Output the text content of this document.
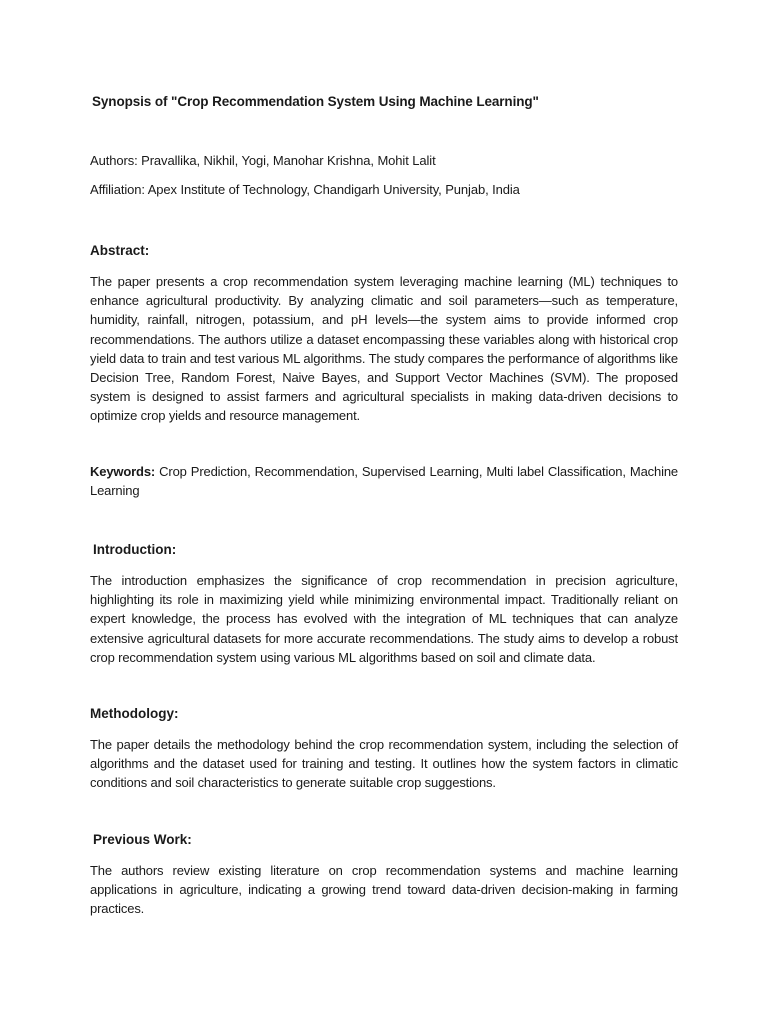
Synopsis of "Crop Recommendation System Using Machine Learning"
Authors: Pravallika, Nikhil, Yogi, Manohar Krishna, Mohit Lalit
Affiliation: Apex Institute of Technology, Chandigarh University, Punjab, India
Abstract:
The paper presents a crop recommendation system leveraging machine learning (ML) techniques to enhance agricultural productivity. By analyzing climatic and soil parameters—such as temperature, humidity, rainfall, nitrogen, potassium, and pH levels—the system aims to provide informed crop recommendations. The authors utilize a dataset encompassing these variables along with historical crop yield data to train and test various ML algorithms. The study compares the performance of algorithms like Decision Tree, Random Forest, Naive Bayes, and Support Vector Machines (SVM). The proposed system is designed to assist farmers and agricultural specialists in making data-driven decisions to optimize crop yields and resource management.
Keywords: Crop Prediction, Recommendation, Supervised Learning, Multi label Classification, Machine Learning
Introduction:
The introduction emphasizes the significance of crop recommendation in precision agriculture, highlighting its role in maximizing yield while minimizing environmental impact. Traditionally reliant on expert knowledge, the process has evolved with the integration of ML techniques that can analyze extensive agricultural datasets for more accurate recommendations. The study aims to develop a robust crop recommendation system using various ML algorithms based on soil and climate data.
Methodology:
The paper details the methodology behind the crop recommendation system, including the selection of algorithms and the dataset used for training and testing. It outlines how the system factors in climatic conditions and soil characteristics to generate suitable crop suggestions.
Previous Work:
The authors review existing literature on crop recommendation systems and machine learning applications in agriculture, indicating a growing trend toward data-driven decision-making in farming practices.
